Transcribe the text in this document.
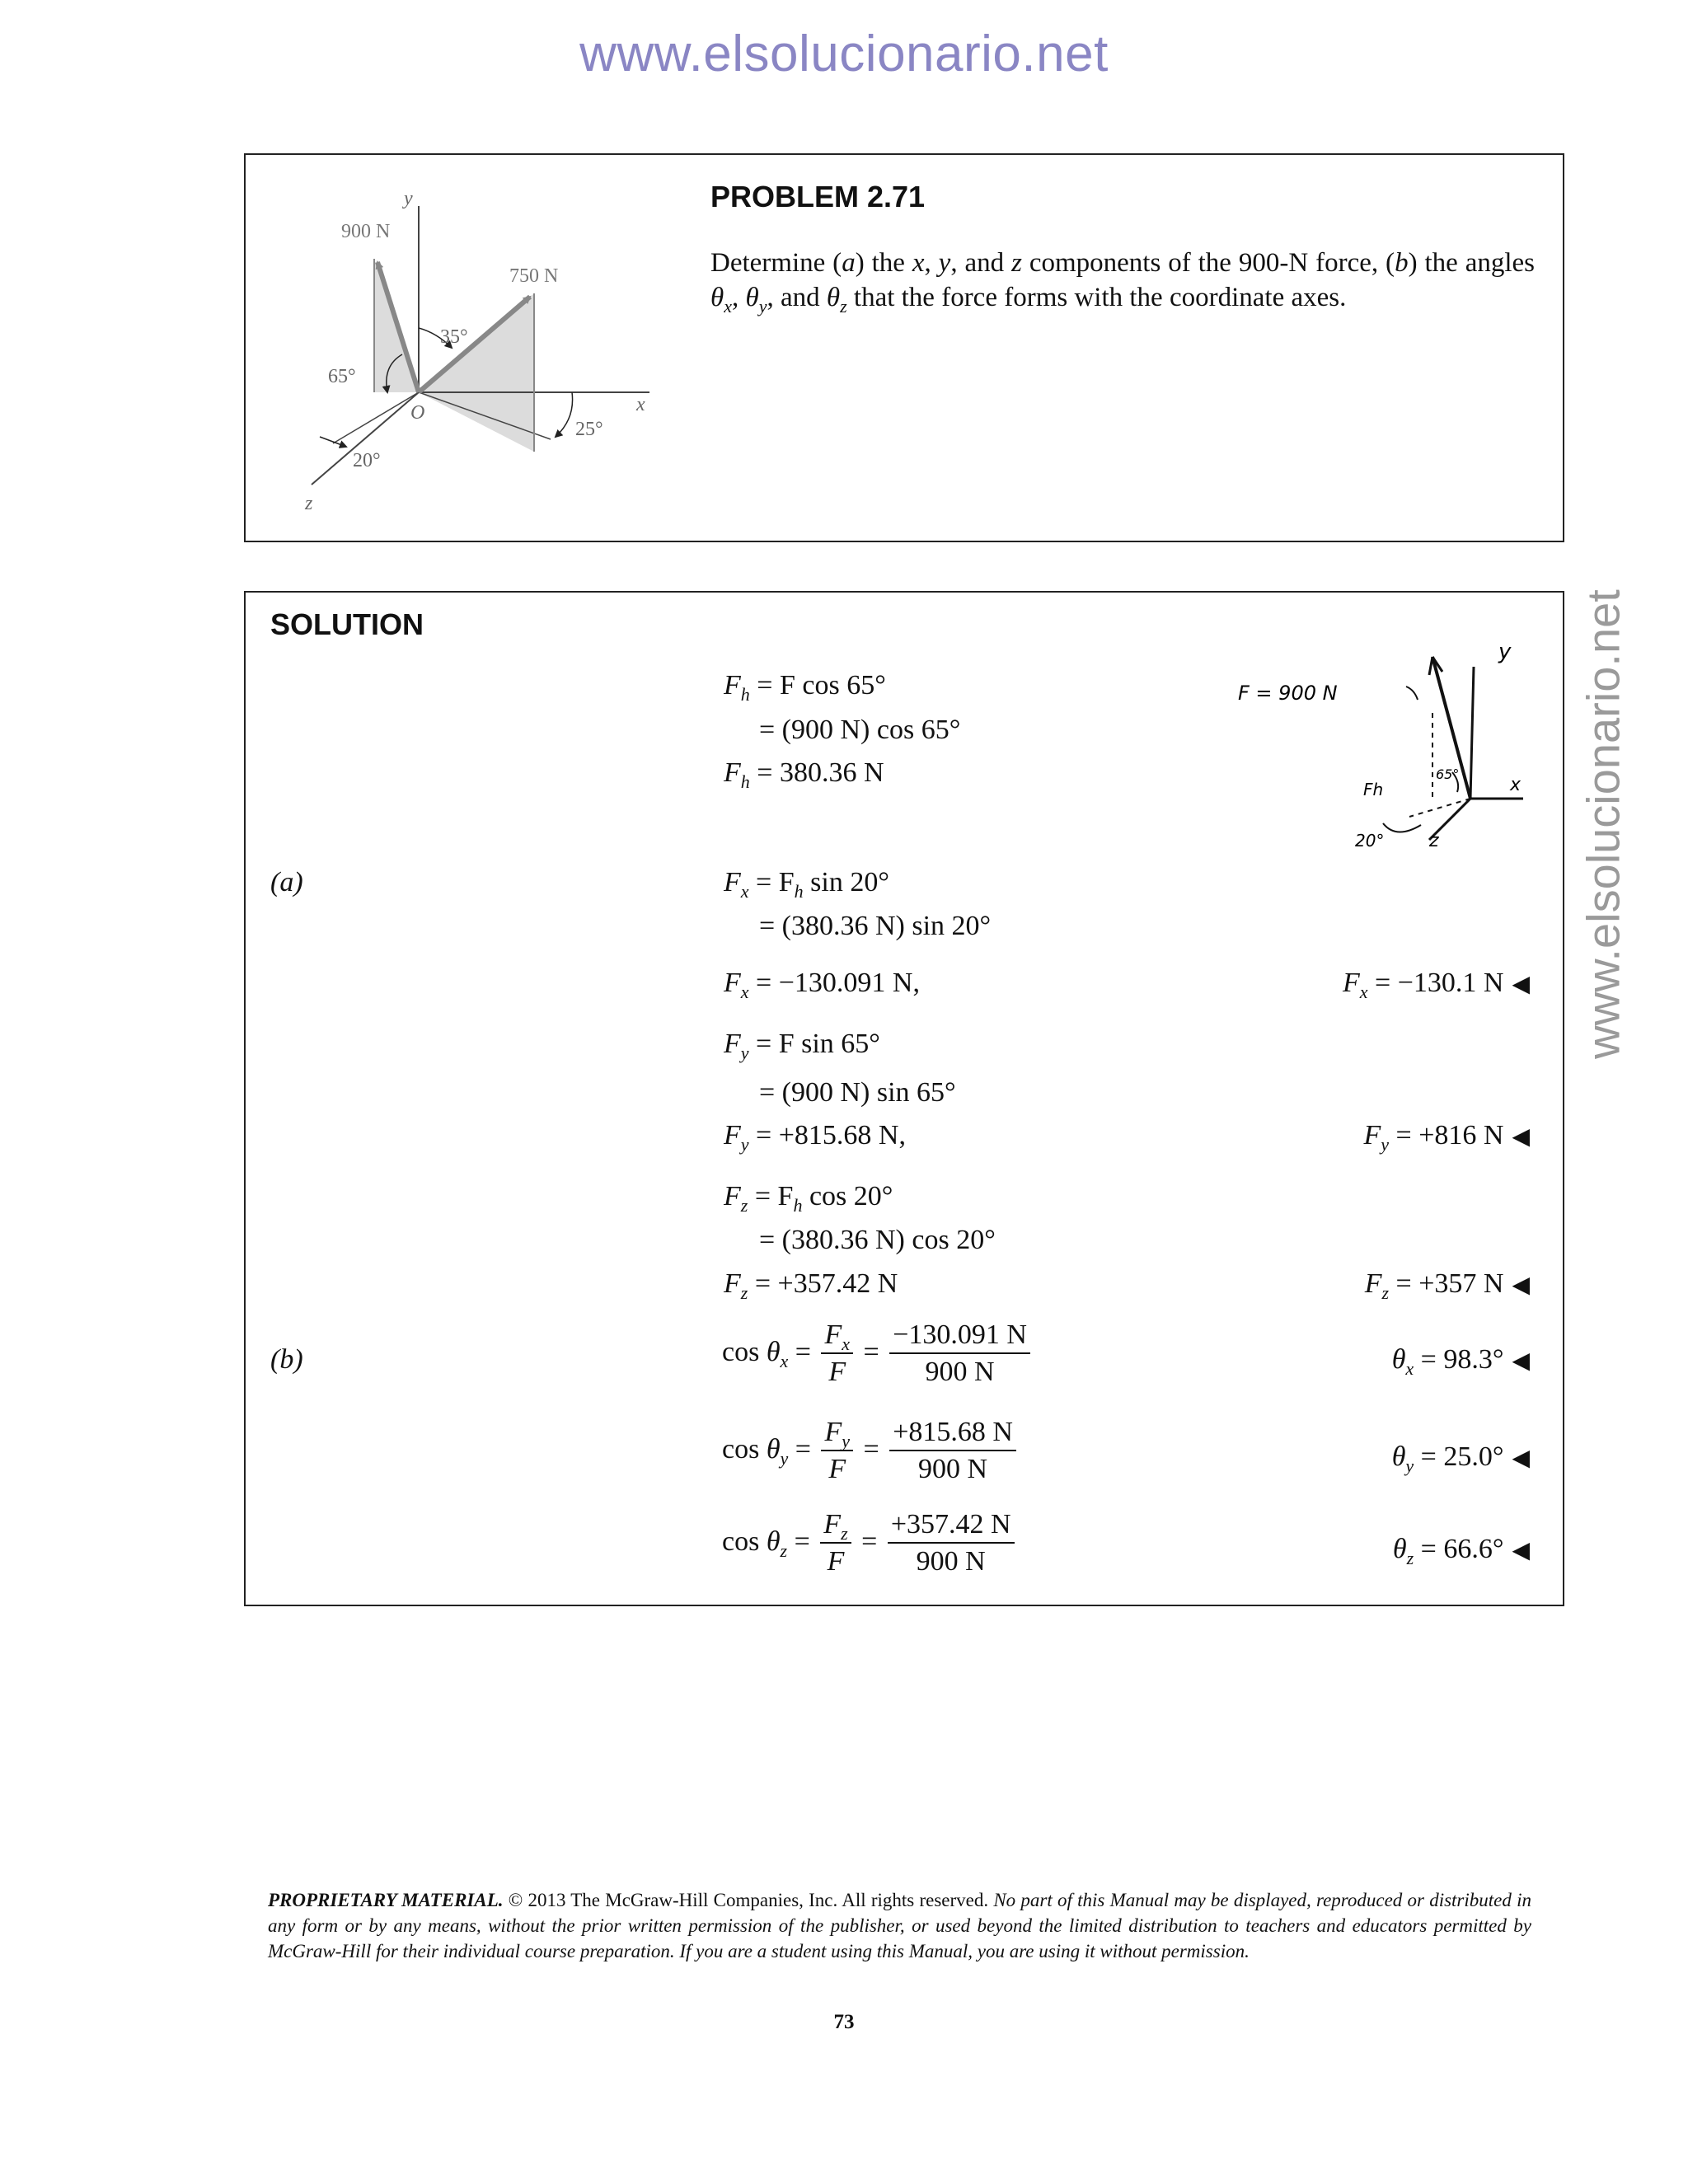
www.elsolucionario.net
www.elsolucionario.net
y
x
z
O
900 N
750 N
35°
65°
20°
25°
PROBLEM 2.71
Determine (a) the x, y, and z components of the 900-N force, (b) the angles $\theta_x$, $\theta_y$, and $\theta_z$ that the force forms with the coordinate axes.
SOLUTION
y
x
z
F = 900 N
Fh
65°
20°
$F_h = F$ cos 65°
= (900 N) cos 65°
$F_h = 380.36$ N
(a)	$F_x = F_h$ sin 20°
= (380.36 N) sin 20°
$F_x = -130.091$ N,	$F_x = -130.1$ N ◀
$F_y = F$ sin 65°
= (900 N) sin 65°
$F_y = +815.68$ N,	$F_y = +816$ N ◀
$F_z = F_h$ cos 20°
= (380.36 N) cos 20°
$F_z = +357.42$ N	$F_z = +357$ N ◀
(b)	$\cos \theta_x = \frac{F_x}{F} = \frac{-130.091 N}{900 N}$	$\theta_x = 98.3^\circ$ ◀
$\cos \theta_y = \frac{F_y}{F} = \frac{+815.68 N}{900 N}$	$\theta_y = 25.0^\circ$ ◀
$\cos \theta_z = \frac{F_z}{F} = \frac{+357.42 N}{900 N}$	$\theta_z = 66.6^\circ$ ◀
PROPRIETARY MATERIAL. © 2013 The McGraw-Hill Companies, Inc. All rights reserved. No part of this Manual may be displayed, reproduced or distributed in any form or by any means, without the prior written permission of the publisher, or used beyond the limited distribution to teachers and educators permitted by McGraw-Hill for their individual course preparation. If you are a student using this Manual, you are using it without permission.
73
